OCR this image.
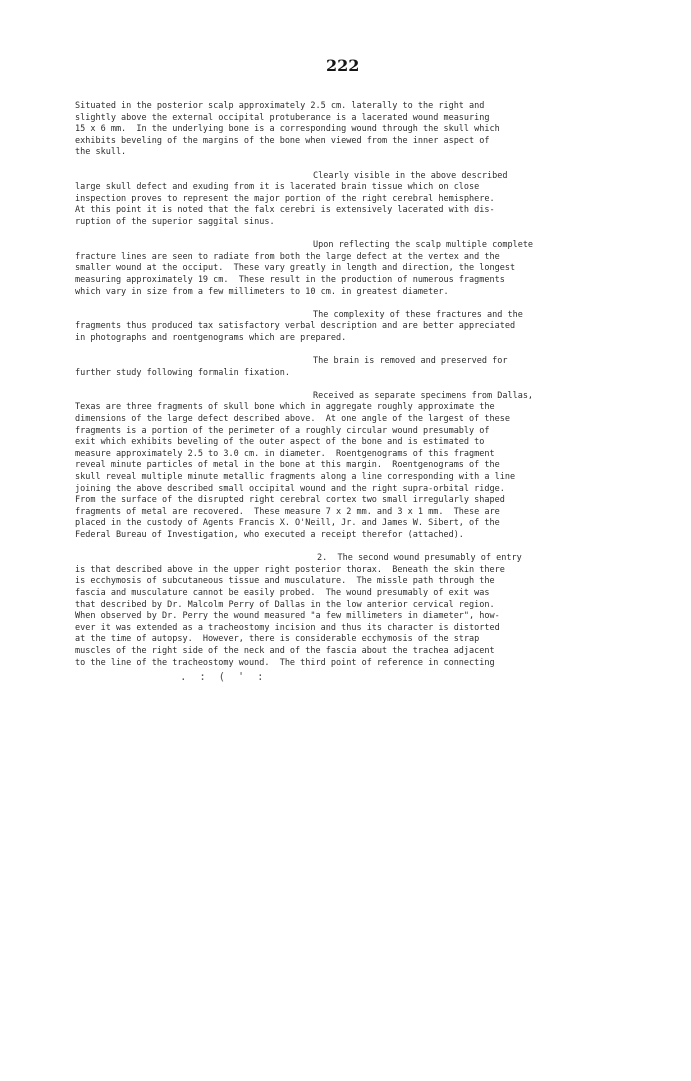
222
Situated in the posterior scalp approximately 2.5 cm. laterally to the right and
slightly above the external occipital protuberance is a lacerated wound measuring
15 x 6 mm.  In the underlying bone is a corresponding wound through the skull which
exhibits beveling of the margins of the bone when viewed from the inner aspect of
the skull.
Clearly visible in the above described
large skull defect and exuding from it is lacerated brain tissue which on close
inspection proves to represent the major portion of the right cerebral hemisphere.
At this point it is noted that the falx cerebri is extensively lacerated with dis-
ruption of the superior saggital sinus.
Upon reflecting the scalp multiple complete
fracture lines are seen to radiate from both the large defect at the vertex and the
smaller wound at the occiput.  These vary greatly in length and direction, the longest
measuring approximately 19 cm.  These result in the production of numerous fragments
which vary in size from a few millimeters to 10 cm. in greatest diameter.
The complexity of these fractures and the
fragments thus produced tax satisfactory verbal description and are better appreciated
in photographs and roentgenograms which are prepared.
The brain is removed and preserved for
further study following formalin fixation.
Received as separate specimens from Dallas,
Texas are three fragments of skull bone which in aggregate roughly approximate the
dimensions of the large defect described above.  At one angle of the largest of these
fragments is a portion of the perimeter of a roughly circular wound presumably of
exit which exhibits beveling of the outer aspect of the bone and is estimated to
measure approximately 2.5 to 3.0 cm. in diameter.  Roentgenograms of this fragment
reveal minute particles of metal in the bone at this margin.  Roentgenograms of the
skull reveal multiple minute metallic fragments along a line corresponding with a line
joining the above described small occipital wound and the right supra-orbital ridge.
From the surface of the disrupted right cerebral cortex two small irregularly shaped
fragments of metal are recovered.  These measure 7 x 2 mm. and 3 x 1 mm.  These are
placed in the custody of Agents Francis X. O'Neill, Jr. and James W. Sibert, of the
Federal Bureau of Investigation, who executed a receipt therefor (attached).
2.  The second wound presumably of entry
is that described above in the upper right posterior thorax.  Beneath the skin there
is ecchymosis of subcutaneous tissue and musculature.  The missle path through the
fascia and musculature cannot be easily probed.  The wound presumably of exit was
that described by Dr. Malcolm Perry of Dallas in the low anterior cervical region.
When observed by Dr. Perry the wound measured "a few millimeters in diameter", how-
ever it was extended as a tracheostomy incision and thus its character is distorted
at the time of autopsy.  However, there is considerable ecchymosis of the strap
muscles of the right side of the neck and of the fascia about the trachea adjacent
to the line of the tracheostomy wound.  The third point of reference in connecting
. : ( ' :
